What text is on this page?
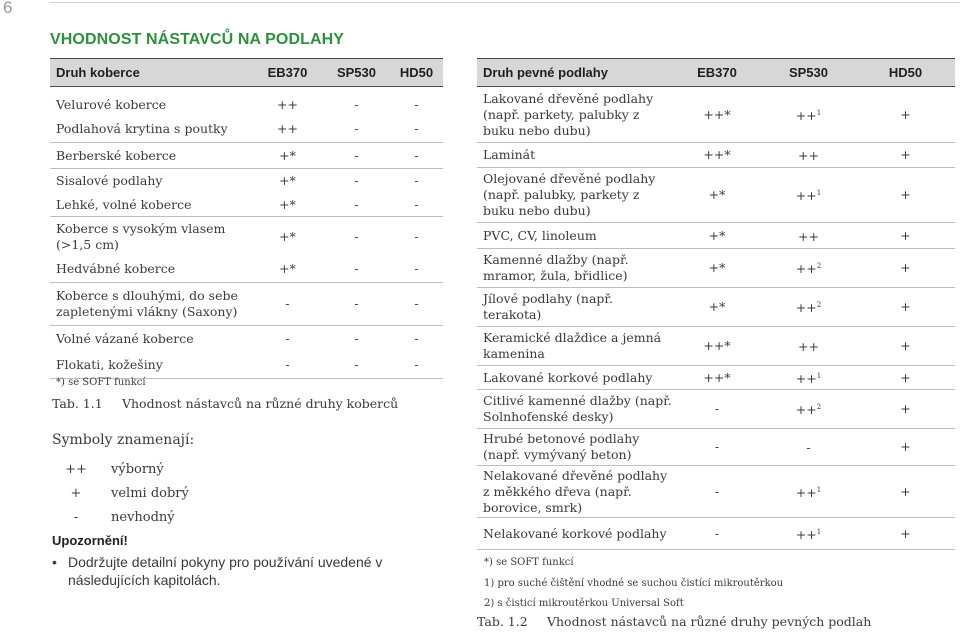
6
VHODNOST NÁSTAVCŮ NA PODLAHY
Druh koberce	EB370	SP530	HD50
Velurové koberce	++	-	-
Podlahová krytina s poutky	++	-	-
Berberské koberce	+*	-	-
Sisalové podlahy	+*	-	-
Lehké, volné koberce	+*	-	-
Koberce s vysokým vlasem (>1,5 cm)	+*	-	-
Hedvábné koberce	+*	-	-
Koberce s dlouhými, do sebe zapletenými vlákny (Saxony)	-	-	-
Volné vázané koberce	-	-	-
Flokati, kožešiny	-	-	-
*) se SOFT funkcí
Tab. 1.1 Vhodnost nástavců na různé druhy koberců
Symboly znamenají:
++ výborný
+ velmi dobrý
-	nevhodný
Upozornění!
• Dodržujte detailní pokyny pro používání uvedené v následujících kapitolách.
Druh pevné podlahy	EB370	SP530	HD50
Lakované dřevěné podlahy (např. parkety, palubky z buku nebo dubu)	++*	++$^1$	+
Laminát	++*	++	+
Olejované dřevěné podlahy (např. palubky, parkety z buku nebo dubu)	+*	++$^1$	+
PVC, CV, linoleum	+*	++	+
Kamenné dlažby (např. mramor, žula, břidlice)	+*	++$^2$	+
Jílové podlahy (např. terakota)	+*	++$^2$	+
Keramické dlaždice a jemná kamenina	++*	++	+
Lakované korkové podlahy	++*	++$^1$	+
Citlivé kamenné dlažby (např. Solnhofenské desky)	-	++$^2$	+
Hrubé betonové podlahy (např. vymývaný beton)	-	-	+
Nelakované dřevěné podlahy z měkkého dřeva (např. borovice, smrk)	-	++$^1$	+
Nelakované korkové podlahy	-	++$^1$	+
*) se SOFT funkcí
1) pro suché čištění vhodné se suchou čistící mikroutěrkou
2) s čisticí mikroutěrkou Universal Soft
Tab. 1.2 Vhodnost nástavců na různé druhy pevných podlah
